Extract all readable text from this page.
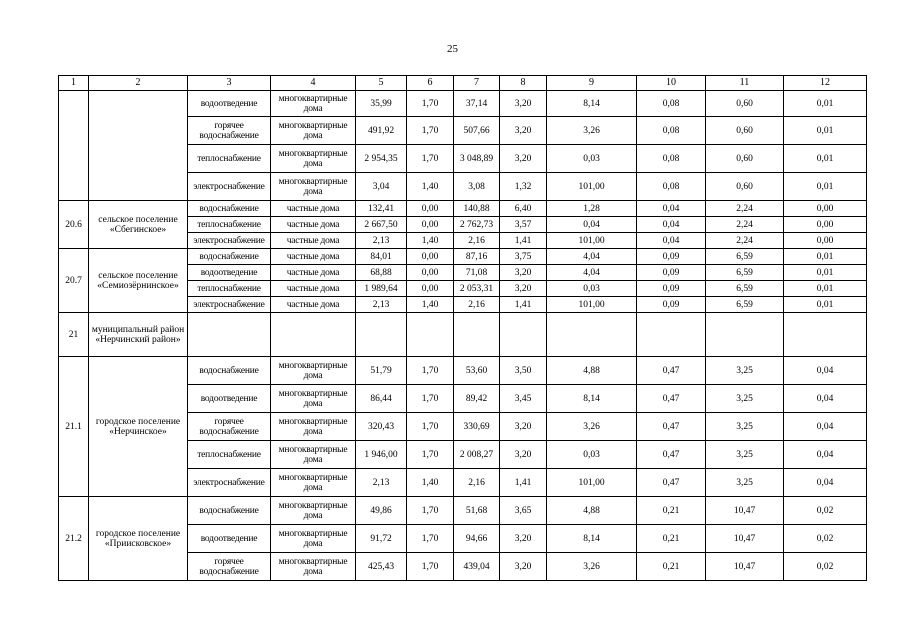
25
1	2	3	4	5	6	7	8	9	10	11	12
		водоотведение	многоквартирные дома	35,99	1,70	37,14	3,20	8,14	0,08	0,60	0,01
		горячее водоснабжение	многоквартирные дома	491,92	1,70	507,66	3,20	3,26	0,08	0,60	0,01
		теплоснабжение	многоквартирные дома	2 954,35	1,70	3 048,89	3,20	0,03	0,08	0,60	0,01
		электроснабжение	многоквартирные дома	3,04	1,40	3,08	1,32	101,00	0,08	0,60	0,01
20.6	сельское поселение «Сбегинское»	водоснабжение	частные дома	132,41	0,00	140,88	6,40	1,28	0,04	2,24	0,00
		теплоснабжение	частные дома	2 667,50	0,00	2 762,73	3,57	0,04	0,04	2,24	0,00
		электроснабжение	частные дома	2,13	1,40	2,16	1,41	101,00	0,04	2,24	0,00
20.7	сельское поселение «Семиозёрнинское»	водоснабжение	частные дома	84,01	0,00	87,16	3,75	4,04	0,09	6,59	0,01
		водоотведение	частные дома	68,88	0,00	71,08	3,20	4,04	0,09	6,59	0,01
		теплоснабжение	частные дома	1 989,64	0,00	2 053,31	3,20	0,03	0,09	6,59	0,01
		электроснабжение	частные дома	2,13	1,40	2,16	1,41	101,00	0,09	6,59	0,01
21	муниципальный район «Нерчинский район»										
21.1	городское поселение «Нерчинское»	водоснабжение	многоквартирные дома	51,79	1,70	53,60	3,50	4,88	0,47	3,25	0,04
		водоотведение	многоквартирные дома	86,44	1,70	89,42	3,45	8,14	0,47	3,25	0,04
		горячее водоснабжение	многоквартирные дома	320,43	1,70	330,69	3,20	3,26	0,47	3,25	0,04
		теплоснабжение	многоквартирные дома	1 946,00	1,70	2 008,27	3,20	0,03	0,47	3,25	0,04
		электроснабжение	многоквартирные дома	2,13	1,40	2,16	1,41	101,00	0,47	3,25	0,04
21.2	городское поселение «Приисковское»	водоснабжение	многоквартирные дома	49,86	1,70	51,68	3,65	4,88	0,21	10,47	0,02
		водоотведение	многоквартирные дома	91,72	1,70	94,66	3,20	8,14	0,21	10,47	0,02
		горячее водоснабжение	многоквартирные дома	425,43	1,70	439,04	3,20	3,26	0,21	10,47	0,02
